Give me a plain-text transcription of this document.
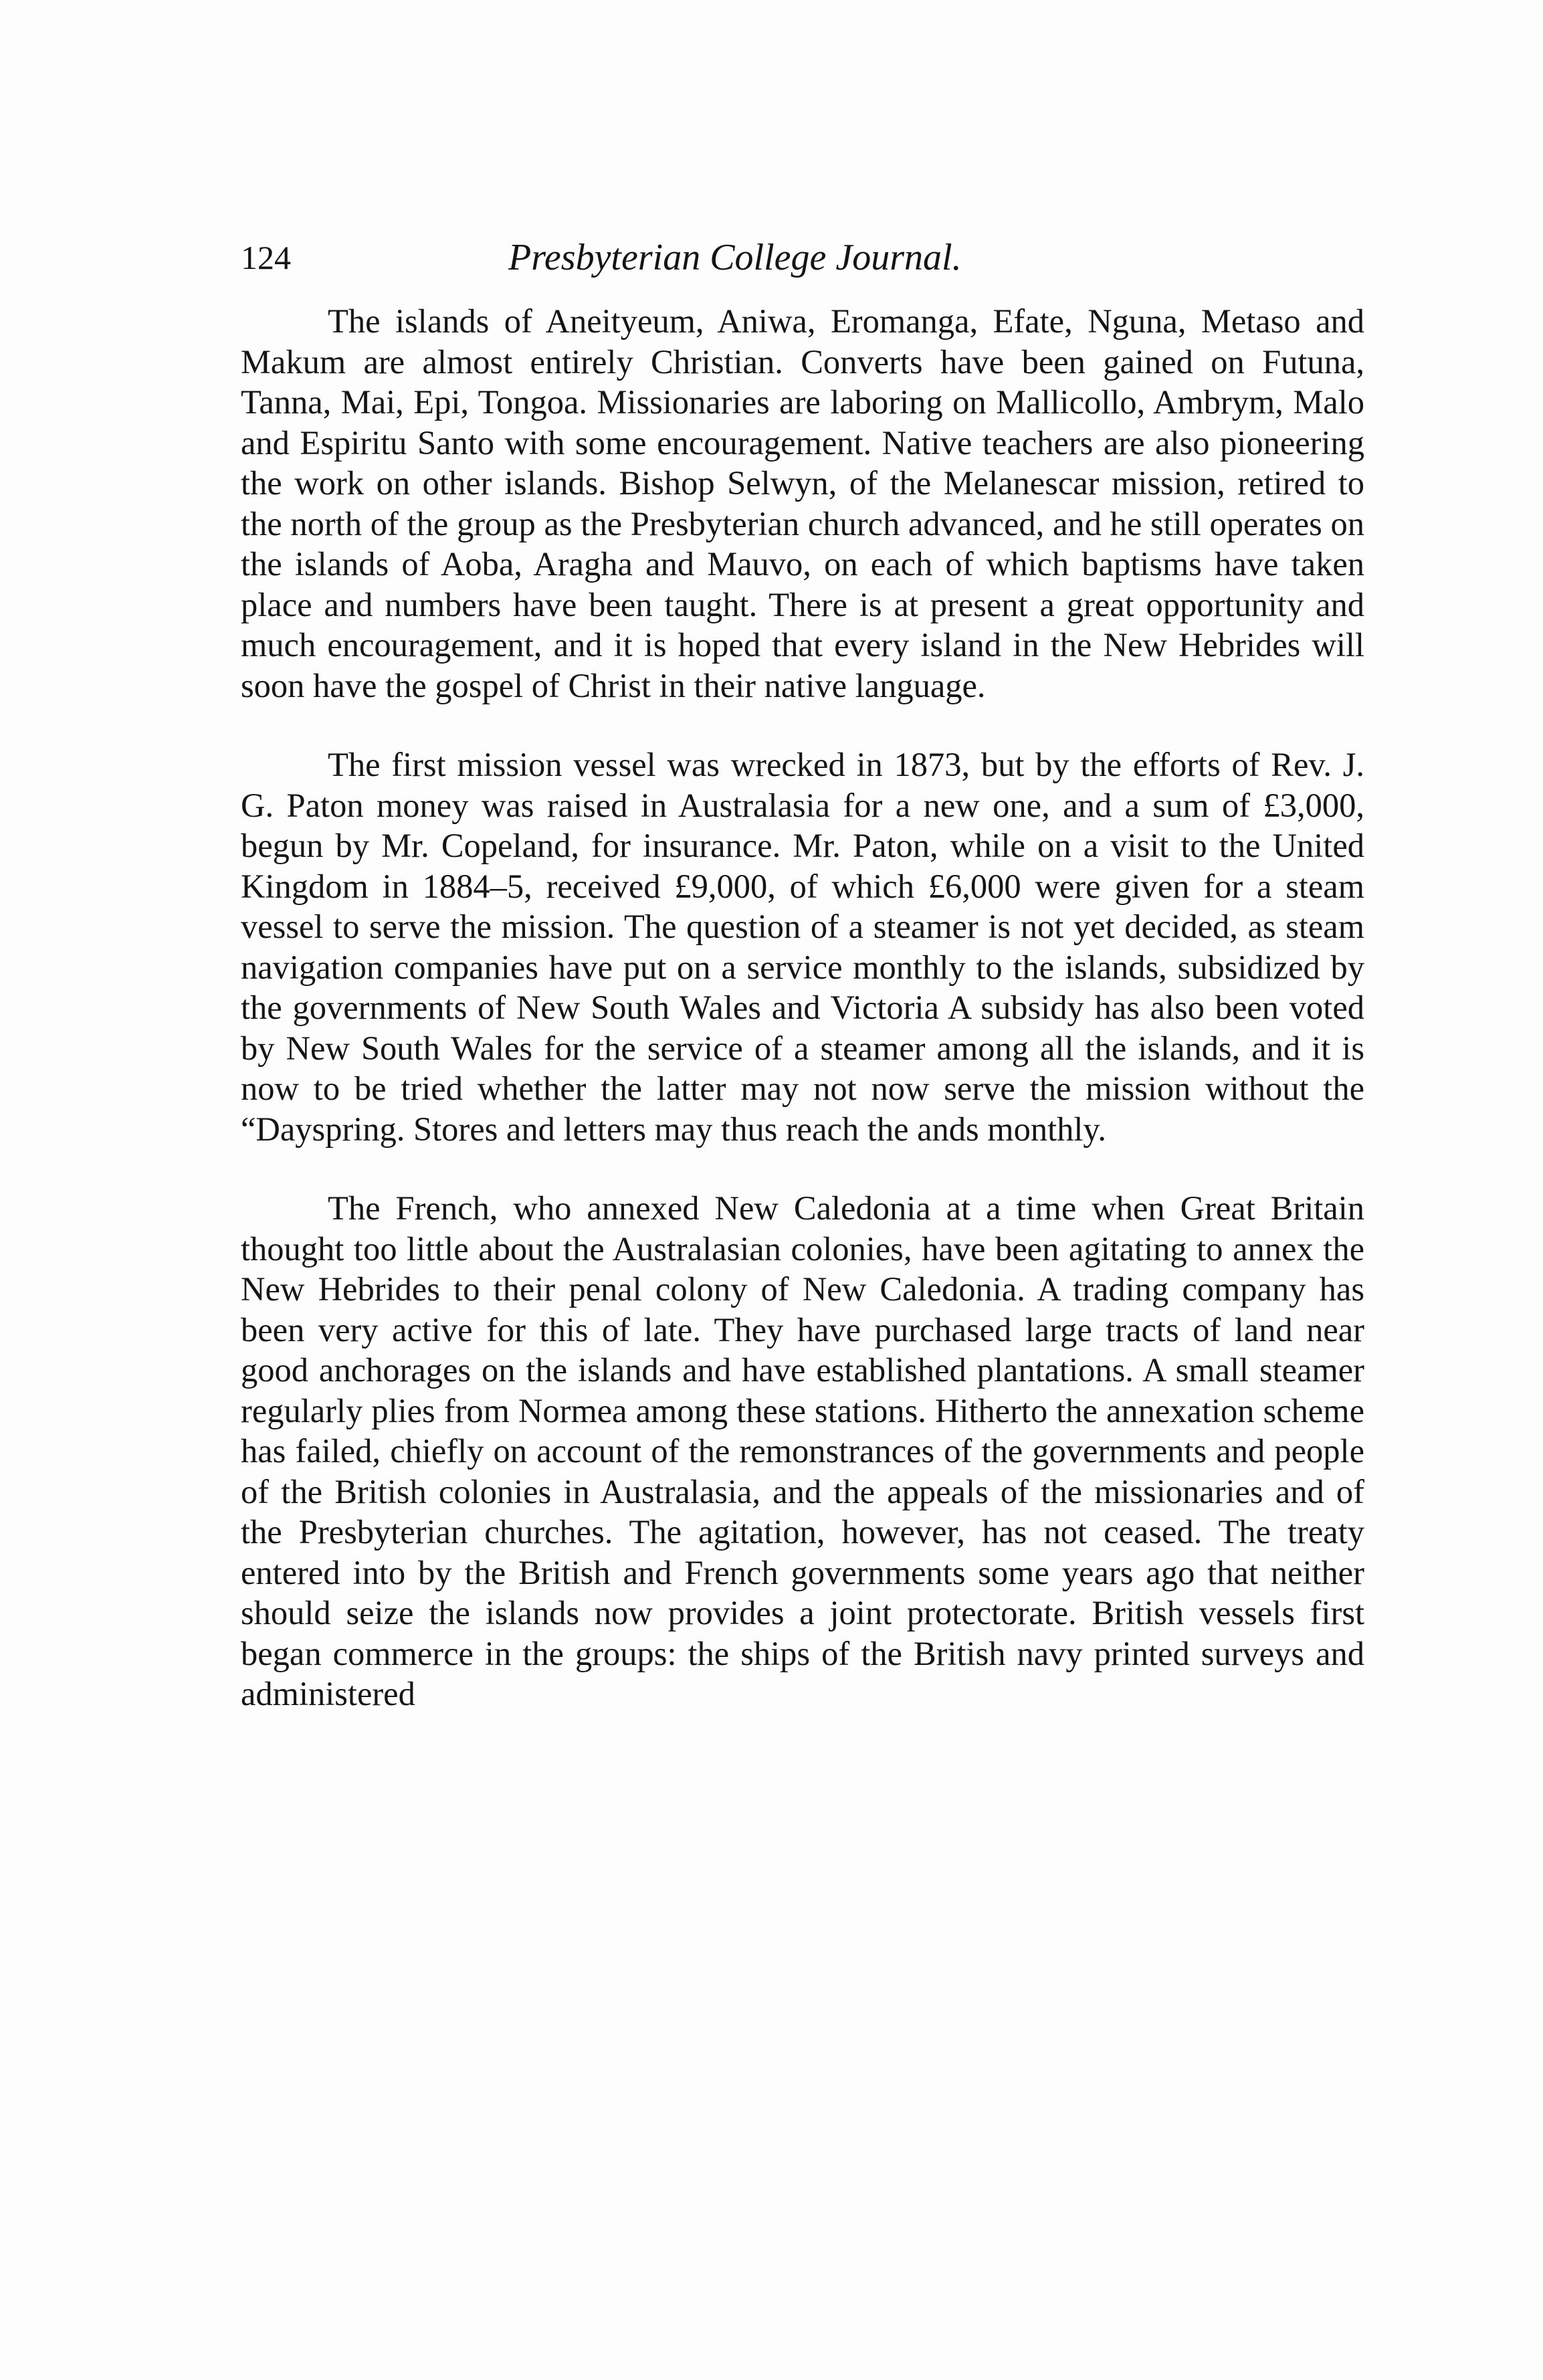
124	Presbyterian College Journal.

The islands of Aneityeum, Aniwa, Eromanga, Efate, Nguna, Metaso and Makum are almost entirely Christian. Converts have been gained on Futuna, Tanna, Mai, Epi, Tongoa. Missionaries are laboring on Mallicollo, Ambrym, Malo and Espiritu Santo with some encouragement. Native teachers are also pioneering the work on other islands. Bishop Selwyn, of the Melanescar mission, retired to the north of the group as the Presbyterian church advanced, and he still operates on the islands of Aoba, Aragha and Mauvo, on each of which baptisms have taken place and numbers have been taught. There is at present a great opportunity and much encouragement, and it is hoped that every island in the New Hebrides will soon have the gospel of Christ in their native language.

The first mission vessel was wrecked in 1873, but by the efforts of Rev. J. G. Paton money was raised in Australasia for a new one, and a sum of £3,000, begun by Mr. Copeland, for insurance. Mr. Paton, while on a visit to the United Kingdom in 1884–5, received £9,000, of which £6,000 were given for a steam vessel to serve the mission. The question of a steamer is not yet decided, as steam navigation companies have put on a service monthly to the islands, subsidized by the governments of New South Wales and Victoria A subsidy has also been voted by New South Wales for the service of a steamer among all the islands, and it is now to be tried whether the latter may not now serve the mission without the “Dayspring. Stores and letters may thus reach the ands monthly.

The French, who annexed New Caledonia at a time when Great Britain thought too little about the Australasian colonies, have been agitating to annex the New Hebrides to their penal colony of New Caledonia. A trading company has been very active for this of late. They have purchased large tracts of land near good anchorages on the islands and have established plantations. A small steamer regularly plies from Normea among these stations. Hitherto the annexation scheme has failed, chiefly on account of the remonstrances of the governments and people of the British colonies in Australasia, and the appeals of the missionaries and of the Presbyterian churches. The agitation, however, has not ceased. The treaty entered into by the British and French governments some years ago that neither should seize the islands now provides a joint protectorate. British vessels first began commerce in the groups: the ships of the British navy printed surveys and administered
